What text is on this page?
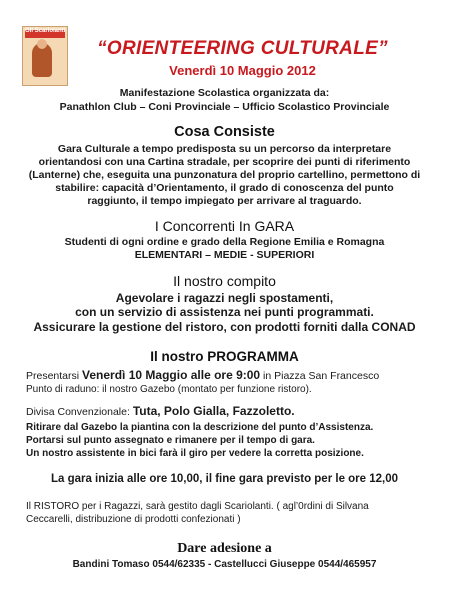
Gli Scariolanti
“ORIENTEERING CULTURALE”
Venerdì 10 Maggio 2012
Manifestazione Scolastica organizzata da:
Panathlon Club – Coni Provinciale – Ufficio Scolastico Provinciale
Cosa Consiste
Gara Culturale a tempo predisposta su un percorso da interpretare
orientandosi con una Cartina stradale, per scoprire dei punti di riferimento
(Lanterne) che, eseguita una punzonatura del proprio cartellino, permettono di
stabilire: capacità d’Orientamento, il grado di conoscenza del punto
raggiunto, il tempo impiegato per arrivare al traguardo.
I Concorrenti In GARA
Studenti di ogni ordine e grado della Regione Emilia e Romagna
ELEMENTARI – MEDIE - SUPERIORI
Il nostro compito
Agevolare i ragazzi negli spostamenti,
con un servizio di assistenza nei punti programmati.
Assicurare la gestione del ristoro, con prodotti forniti dalla CONAD
Il nostro PROGRAMMA
Presentarsi Venerdì 10 Maggio alle ore 9:00 in Piazza San Francesco
Punto di raduno: il nostro Gazebo (montato per funzione ristoro).
Divisa Convenzionale: Tuta, Polo Gialla, Fazzoletto.
Ritirare dal Gazebo la piantina con la descrizione del punto d’Assistenza.
Portarsi sul punto assegnato e rimanere per il tempo di gara.
Un nostro assistente in bici farà il giro per vedere la corretta posizione.
La gara inizia alle ore 10,00, il fine gara previsto per le ore 12,00
Il RISTORO per i Ragazzi, sarà gestito dagli Scariolanti. ( agl’0rdini di Silvana
Ceccarelli, distribuzione di prodotti confezionati )
Dare adesione a
Bandini Tomaso 0544/62335 - Castellucci Giuseppe 0544/465957
